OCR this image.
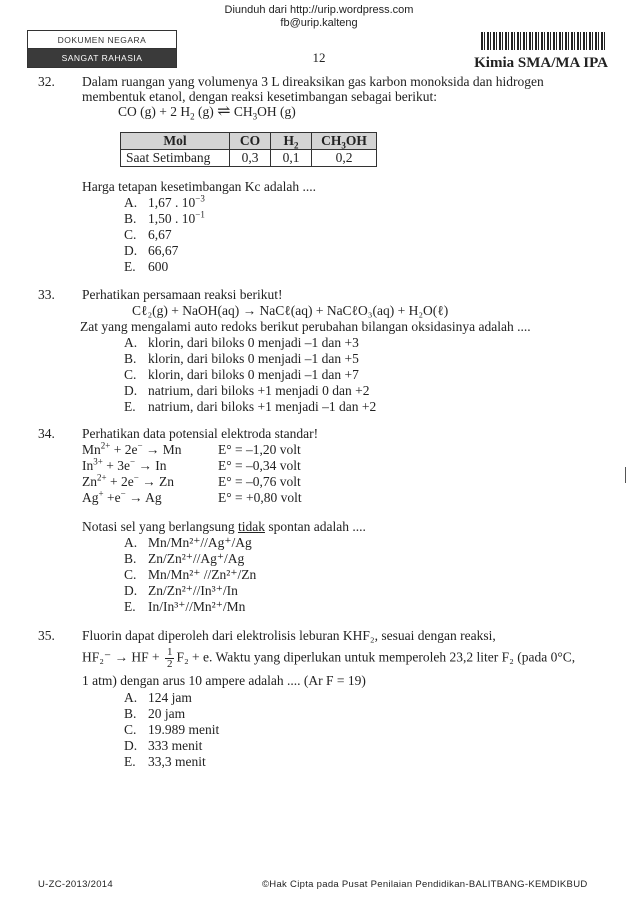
DOKUMEN NEGARA
SANGAT RAHASIA
Diunduh dari http://urip.wordpress.com
fb@urip.kalteng
12	Kimia SMA/MA IPA
32. Dalam ruangan yang volumenya 3 L direaksikan gas karbon monoksida dan hidrogen
membentuk etanol, dengan reaksi kesetimbangan sebagai berikut:
CO (g) + 2 $H_2$ (g) ⇌ $CH_3OH$ (g)
Mol	CO	$H_2$	$CH_3OH$
Saat Setimbang	0,3	0,1	0,2
Harga tetapan kesetimbangan Kc adalah ....
A. 1,67 . $10^{-3}$
B. 1,50 . $10^{-1}$
C. 6,67
D. 66,67
E. 600
33. Perhatikan persamaan reaksi berikut!
Cℓ₂(g) + NaOH(aq) → NaCℓ(aq) + NaCℓO₃(aq) + H₂O(ℓ)
Zat yang mengalami auto redoks berikut perubahan bilangan oksidasinya adalah ....
A. klorin, dari biloks 0 menjadi –1 dan +3
B. klorin, dari biloks 0 menjadi –1 dan +5
C. klorin, dari biloks 0 menjadi –1 dan +7
D. natrium, dari biloks +1 menjadi 0 dan +2
E. natrium, dari biloks +1 menjadi –1 dan +2
34. Perhatikan data potensial elektroda standar!
$Mn^{2+} + 2e^- \to Mn$	E° = –1,20 volt
$In^{3+} + 3e^- \to In$	E° = –0,34 volt
$Zn^{2+} + 2e^- \to Zn$	E° = –0,76 volt
Ag+ +e− → Ag	E° = +0,80 volt
Notasi sel yang berlangsung tidak spontan adalah ....
A. Mn/Mn²⁺//Ag⁺/Ag
B. Zn/Zn²⁺//Ag⁺/Ag
C. Mn/Mn²⁺ //Zn²⁺/Zn
D. Zn/Zn²⁺//In³⁺/In
E. In/In³⁺//Mn²⁺/Mn
35. Fluorin dapat diperoleh dari elektrolisis leburan KHF₂, sesuai dengan reaksi,
HF₂⁻ → HF + $\frac{1}{2} F_2 + e$. Waktu yang diperlukan untuk memperoleh 23,2 liter F₂ (pada 0°C,
1 atm) dengan arus 10 ampere adalah .... (Ar F = 19)
A. 124 jam
B. 20 jam
C. 19.989 menit
D. 333 menit
E. 33,3 menit
U-ZC-2013/2014	©Hak Cipta pada Pusat Penilaian Pendidikan-BALITBANG-KEMDIKBUD
